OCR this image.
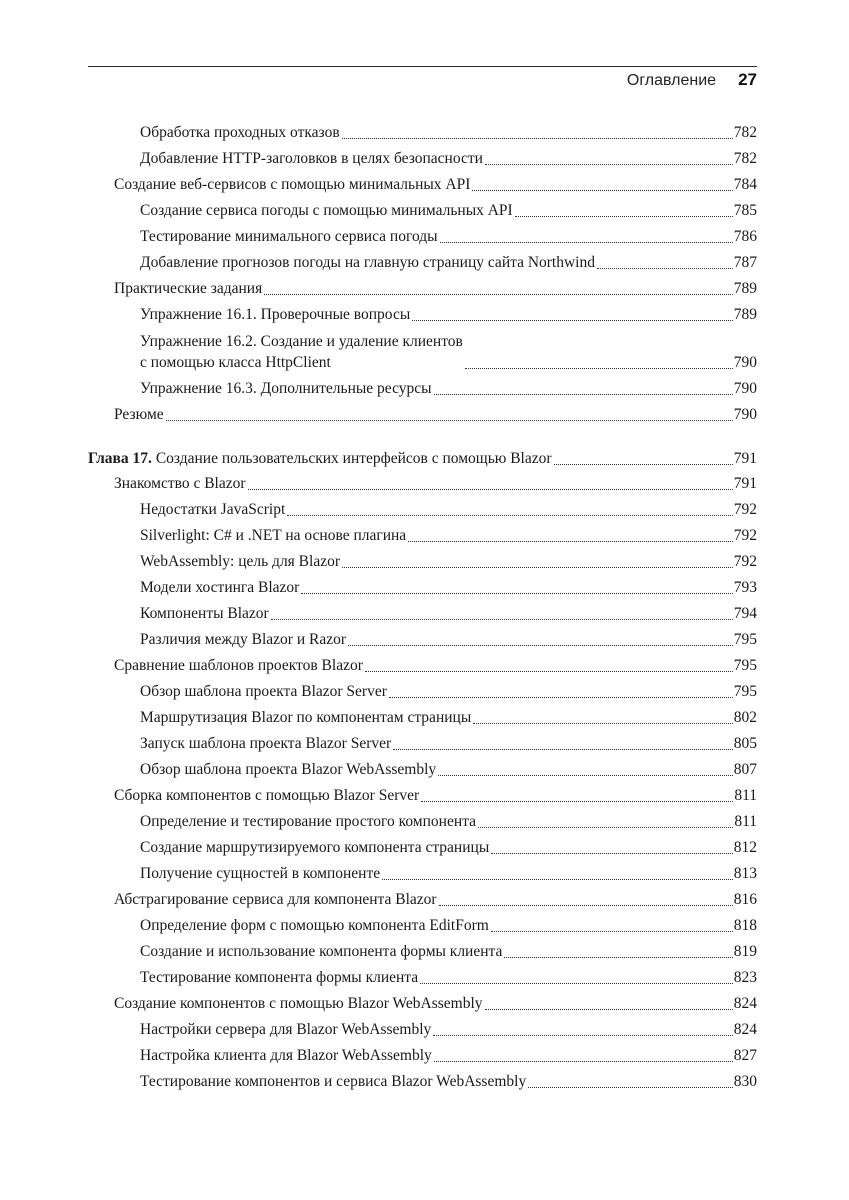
Оглавление 27
Обработка проходных отказов	782
Добавление HTTP-заголовков в целях безопасности	782
Создание веб-сервисов с помощью минимальных API	784
Создание сервиса погоды с помощью минимальных API	785
Тестирование минимального сервиса погоды	786
Добавление прогнозов погоды на главную страницу сайта Northwind	787
Практические задания	789
Упражнение 16.1. Проверочные вопросы	789
Упражнение 16.2. Создание и удаление клиентов
с помощью класса HttpClient	790
Упражнение 16.3. Дополнительные ресурсы	790
Резюме	790
Глава 17. Создание пользовательских интерфейсов с помощью Blazor	791
Знакомство с Blazor	791
Недостатки JavaScript	792
Silverlight: C# и .NET на основе плагина	792
WebAssembly: цель для Blazor	792
Модели хостинга Blazor	793
Компоненты Blazor	794
Различия между Blazor и Razor	795
Сравнение шаблонов проектов Blazor	795
Обзор шаблона проекта Blazor Server	795
Маршрутизация Blazor по компонентам страницы	802
Запуск шаблона проекта Blazor Server	805
Обзор шаблона проекта Blazor WebAssembly	807
Сборка компонентов с помощью Blazor Server	811
Определение и тестирование простого компонента	811
Создание маршрутизируемого компонента страницы	812
Получение сущностей в компоненте	813
Абстрагирование сервиса для компонента Blazor	816
Определение форм с помощью компонента EditForm	818
Создание и использование компонента формы клиента	819
Тестирование компонента формы клиента	823
Создание компонентов с помощью Blazor WebAssembly	824
Настройки сервера для Blazor WebAssembly	824
Настройка клиента для Blazor WebAssembly	827
Тестирование компонентов и сервиса Blazor WebAssembly	830
